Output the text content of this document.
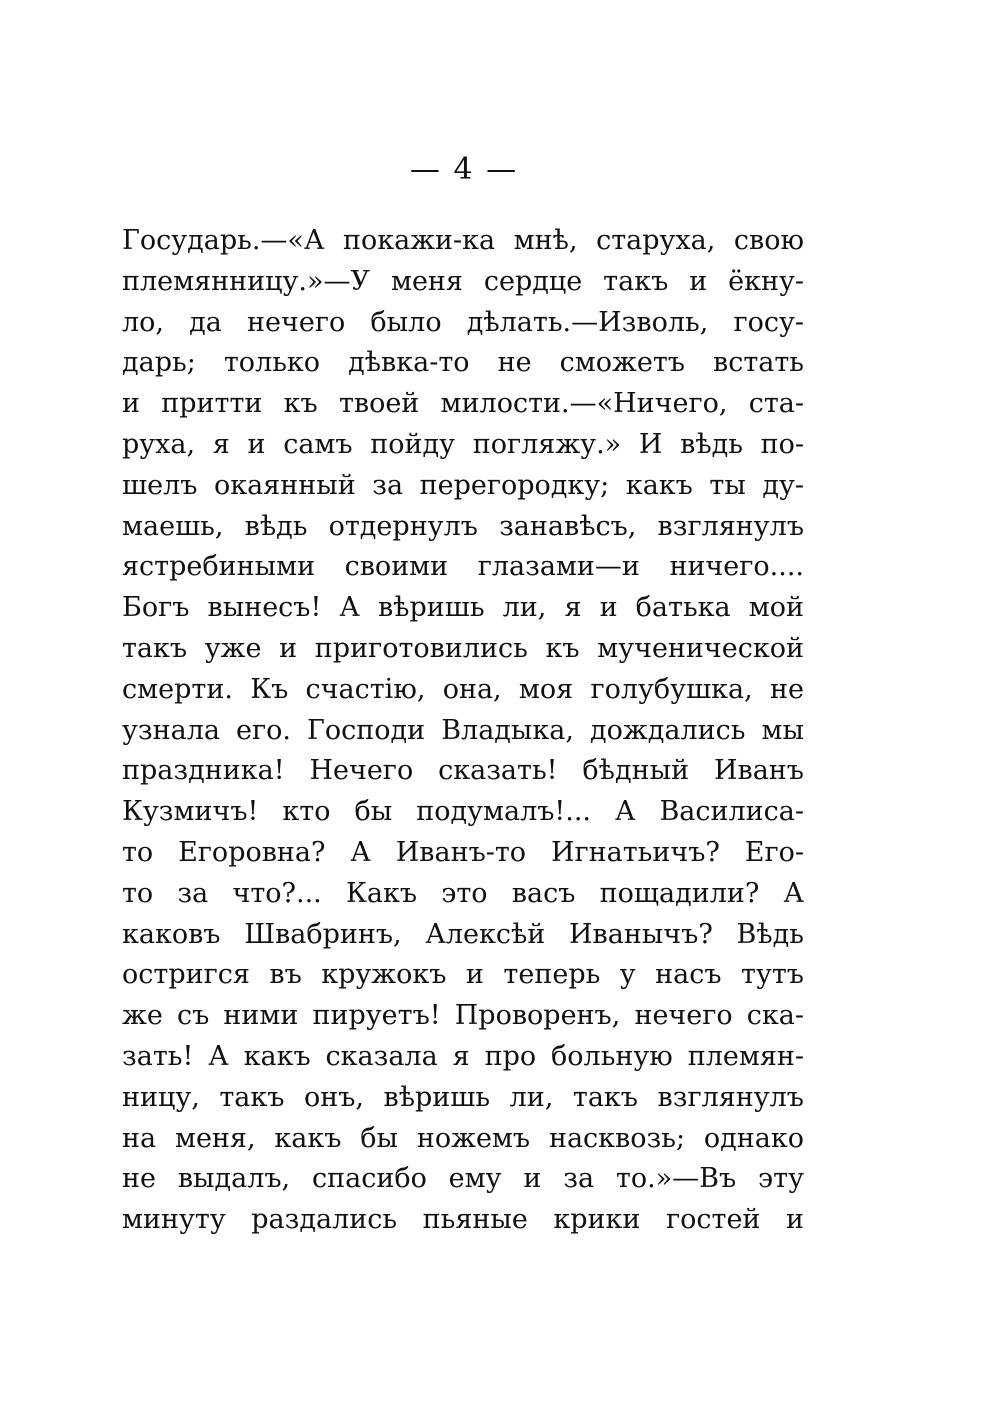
— 4 —
Государь.—«А покажи-ка мнѣ, старуха, свою
племянницу.»—У меня сердце такъ и ёкну-
ло, да нечего было дѣлать.—Изволь, госу-
дарь; только дѣвка-то не сможетъ встать
и притти къ твоей милости.—«Ничего, ста-
руха, я и самъ пойду погляжу.» И вѣдь по-
шелъ окаянный за перегородку; какъ ты ду-
маешь, вѣдь отдернулъ занавѣсъ, взглянулъ
ястребиными своими глазами—и ничего....
Богъ вынесъ! А вѣришь ли, я и батька мой
такъ уже и приготовились къ мученической
смерти. Къ счастію, она, моя голубушка, не
узнала его. Господи Владыка, дождались мы
праздника! Нечего сказать! бѣдный Иванъ
Кузмичъ! кто бы подумалъ!... А Василиса-
то Егоровна? А Иванъ-то Игнатьичъ? Его-
то за что?... Какъ это васъ пощадили? А
каковъ Швабринъ, Алексѣй Иванычъ? Вѣдь
остригся въ кружокъ и теперь у насъ тутъ
же съ ними пируетъ! Проворенъ, нечего ска-
зать! А какъ сказала я про больную племян-
ницу, такъ онъ, вѣришь ли, такъ взглянулъ
на меня, какъ бы ножемъ насквозь; однако
не выдалъ, спасибо ему и за то.»—Въ эту
минуту раздались пьяные крики гостей и
